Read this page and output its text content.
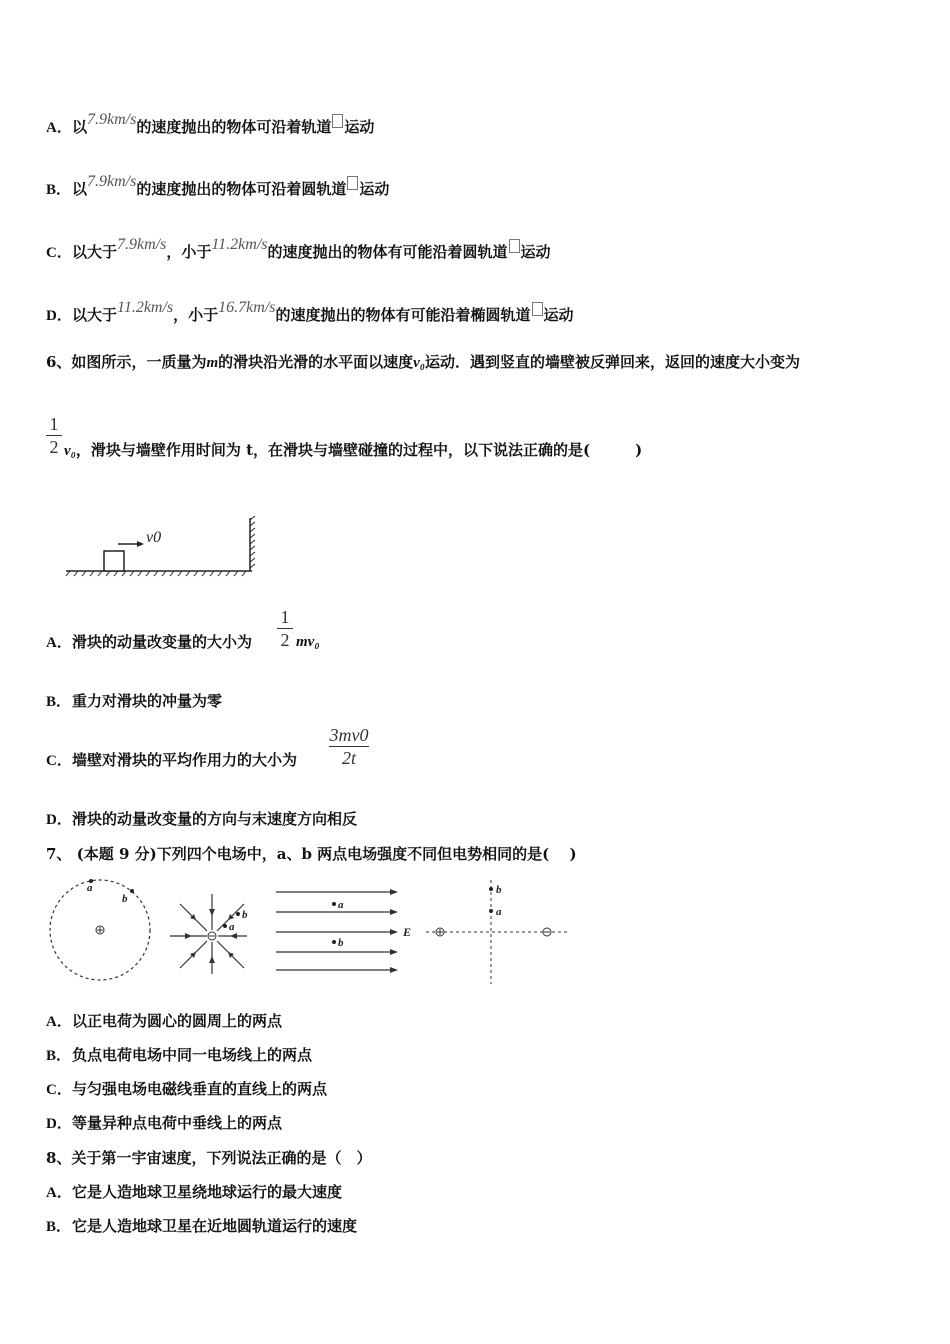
A．以7.9km/s的速度抛出的物体可沿着轨道 运动
B．以7.9km/s的速度抛出的物体可沿着圆轨道 运动
C．以大于7.9km/s，小于11.2km/s的速度抛出的物体有可能沿着圆轨道 运动
D．以大于11.2km/s，小于16.7km/s的速度抛出的物体有可能沿着椭圆轨道 运动
6、如图所示，一质量为m的滑块沿光滑的水平面以速度v₀运动．遇到竖直的墙壁被反弹回来，返回的速度大小变为
1
2 v₀，滑块与墙壁作用时间为 t，在滑块与墙壁碰撞的过程中，以下说法正确的是(　　　)
v0
A．滑块的动量改变量的大小为
1
2 mv₀
B．重力对滑块的冲量为零
C．墙壁对滑块的平均作用力的大小为
3mv0
2t
D．滑块的动量改变量的方向与末速度方向相反
7、 (本题 9 分)下列四个电场中，a、b 两点电场强度不同但电势相同的是(　 )
a
b
a
b
a
b
E
b
a
A．以正电荷为圆心的圆周上的两点
B．负点电荷电场中同一电场线上的两点
C．与匀强电场电磁线垂直的直线上的两点
D．等量异种点电荷中垂线上的两点
8、关于第一宇宙速度，下列说法正确的是（　）
A．它是人造地球卫星绕地球运行的最大速度
B．它是人造地球卫星在近地圆轨道运行的速度
